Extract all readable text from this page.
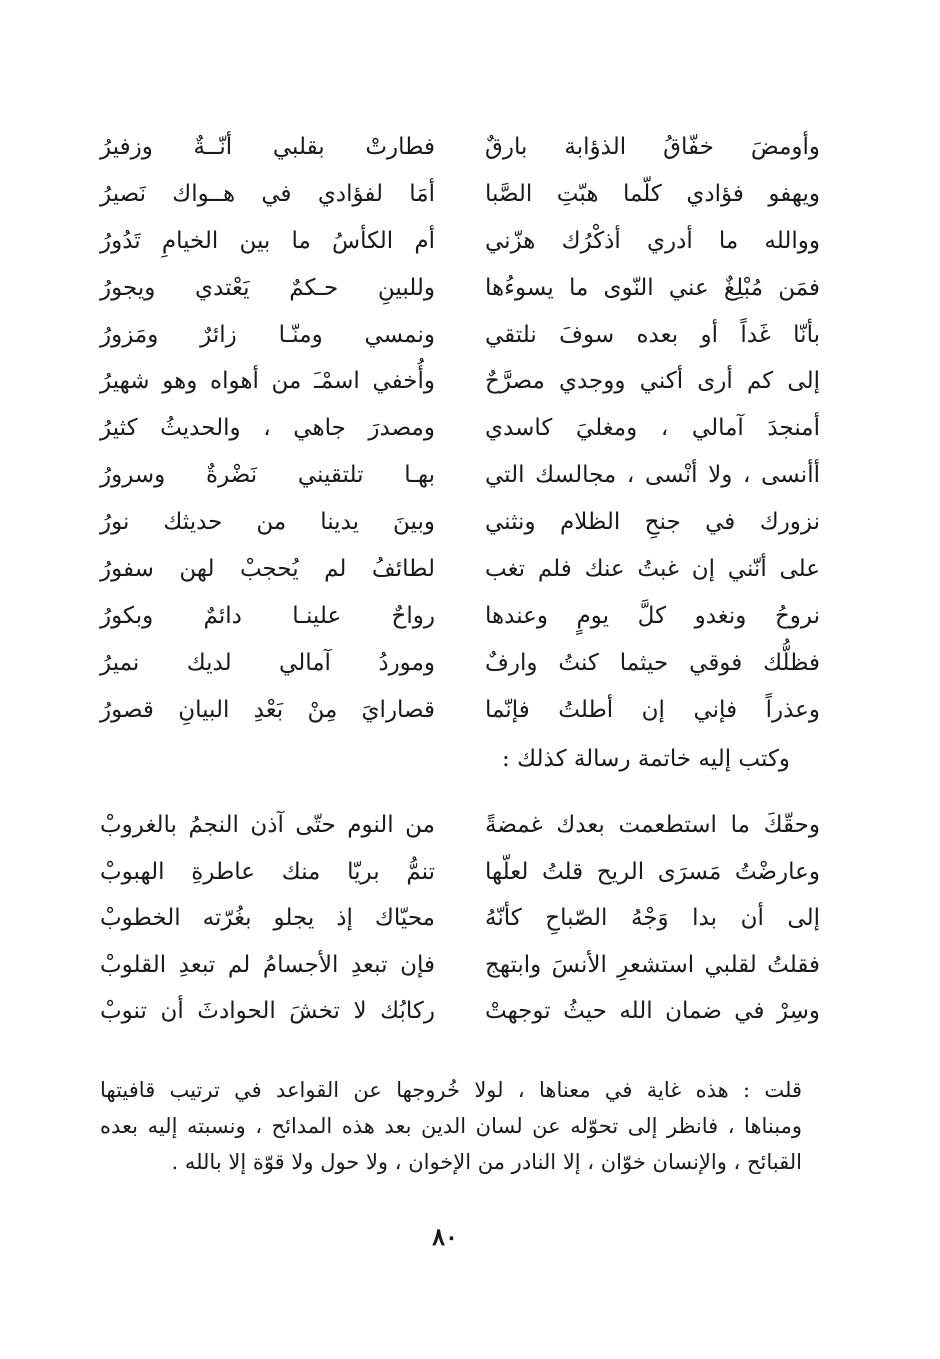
وأومضَ خفّاقُ الذؤابة بارقٌ
فطارتْ بقلبي أنّــةٌ وزفيرُ
ويهفو فؤادي كلّما هبّتِ الصَّبا
أمَا لفؤادي في هــواك نَصيرُ
ووالله ما أدري أذكْرُك هزّني
أم الكأسُ ما بين الخيامِ تَدُورُ
فمَن مُبْلِغٌ عني النّوى ما يسوءُها
وللبينِ حـكمٌ يَعْتدي ويجورُ
بأنّا غَداً أو بعده سوفَ نلتقي
ونمسي ومنّـا زائرٌ ومَزورُ
إلى كم أرى أكني ووجدي مصرَّحٌ
وأُخفي اسمْـَ من أهواه وهو شهيرُ
أمنجدَ آمالي ، ومغليَ كاسدي
ومصدرَ جاهي ، والحديثُ كثيرُ
أأنسى ، ولا أنْسى ، مجالسك التي
بهـا تلتقيني نَضْرةٌ وسرورُ
نزورك في جنحِ الظلام ونثني
وبينَ يدينا من حديثك نورُ
على أنّني إن غبتُ عنك فلم تغب
لطائفُ لم يُحجبْ لهن سفورُ
نروحُ ونغدو كلَّ يومٍ وعندها
رواحٌ علينـا دائمٌ وبكورُ
فظلُّك فوقي حيثما كنتُ وارفٌ
وموردُ آمالي لديك نميرُ
وعذراً فإني إن أطلتُ فإنّما
قصارايَ مِنْ بَعْدِ البيانِ قصورُ
وكتب إليه خاتمة رسالة كذلك :
وحقّكَ ما استطعمت بعدك غمضةً
من النوم حتّى آذن النجمُ بالغروبْ
وعارضْتُ مَسرَى الريح قلتُ لعلّها
تنمُّ بريّا منك عاطرةِ الهبوبْ
إلى أن بدا وَجْهُ الصّباحِ كأنّهُ
محيّاك إذ يجلو بغُرّته الخطوبْ
فقلتُ لقلبي استشعرِ الأنسَ وابتهج
فإن تبعدِ الأجسامُ لم تبعدِ القلوبْ
وسِرْ في ضمان الله حيثُ توجهتْ
ركابُك لا تخشَ الحوادثَ أن تنوبْ
قلت : هذه غاية في معناها ، لولا خُروجها عن القواعد في ترتيب قافيتها
ومبناها ، فانظر إلى تحوّله عن لسان الدين بعد هذه المدائح ، ونسبته إليه بعده
القبائح ، والإنسان خوّان ، إلا النادر من الإخوان ، ولا حول ولا قوّة إلا بالله .
٨٠
